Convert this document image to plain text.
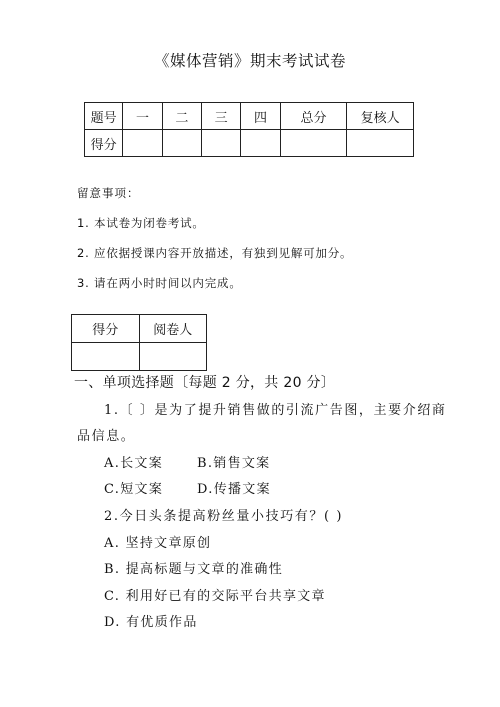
《媒体营销》期末考试试卷
题号	一	二	三	四	总分	复核人
得分						
留意事项：
1. 本试卷为闭卷考试。
2. 应依据授课内容开放描述，有独到见解可加分。
3. 请在两小时时间以内完成。
得分	阅卷人

一、单项选择题〔每题 2 分，共 20 分〕
1.〔 〕是为了提升销售做的引流广告图，主要介绍商
品信息。
A.长文案	B.销售文案
C.短文案	D.传播文案
2.今日头条提高粉丝量小技巧有？( )
A. 坚持文章原创
B. 提高标题与文章的准确性
C. 利用好已有的交际平台共享文章
D. 有优质作品
